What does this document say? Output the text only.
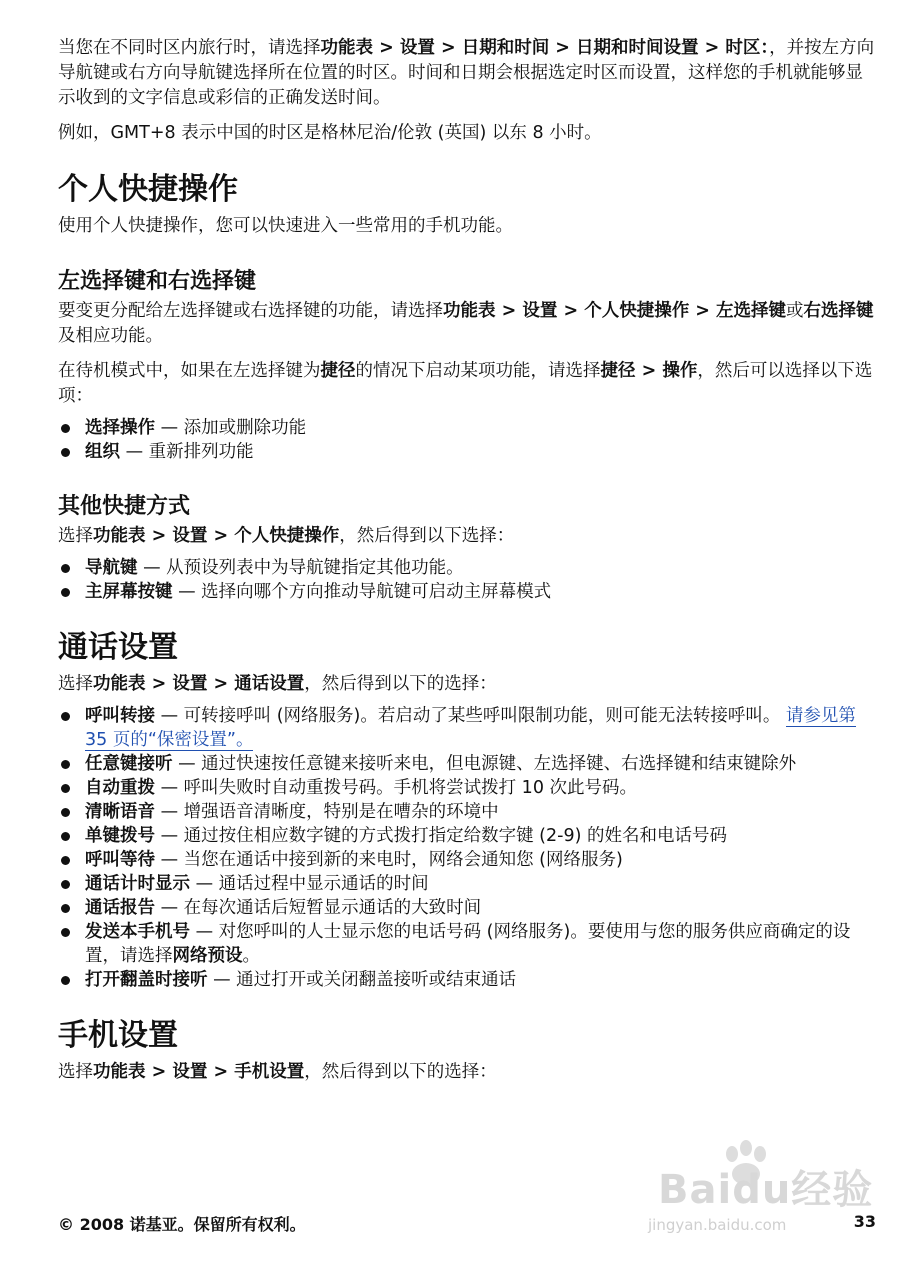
当您在不同时区内旅行时，请选择功能表 > 设置 > 日期和时间 > 日期和时间设置 > 时区：，并按左方向导航键或右方向导航键选择所在位置的时区。时间和日期会根据选定时区而设置，这样您的手机就能够显示收到的文字信息或彩信的正确发送时间。

例如，GMT+8 表示中国的时区是格林尼治/伦敦 (英国) 以东 8 小时。

个人快捷操作

使用个人快捷操作，您可以快速进入一些常用的手机功能。

左选择键和右选择键

要变更分配给左选择键或右选择键的功能，请选择功能表 > 设置 > 个人快捷操作 > 左选择键或右选择键及相应功能。

在待机模式中，如果在左选择键为捷径的情况下启动某项功能，请选择捷径 > 操作，然后可以选择以下选项：

选择操作 — 添加或删除功能
组织 — 重新排列功能
其他快捷方式

选择功能表 > 设置 > 个人快捷操作，然后得到以下选择：

导航键 — 从预设列表中为导航键指定其他功能。
主屏幕按键 — 选择向哪个方向推动导航键可启动主屏幕模式
通话设置

选择功能表 > 设置 > 通话设置，然后得到以下的选择：

呼叫转接 — 可转接呼叫 (网络服务)。若启动了某些呼叫限制功能，则可能无法转接呼叫。 请参见第 35 页的“保密设置”。
任意键接听 — 通过快速按任意键来接听来电，但电源键、左选择键、右选择键和结束键除外
自动重拨 — 呼叫失败时自动重拨号码。手机将尝试拨打 10 次此号码。
清晰语音 — 增强语音清晰度，特别是在嘈杂的环境中
单键拨号 — 通过按住相应数字键的方式拨打指定给数字键 (2-9) 的姓名和电话号码
呼叫等待 — 当您在通话中接到新的来电时，网络会通知您 (网络服务)
通话计时显示 — 通话过程中显示通话的时间
通话报告 — 在每次通话后短暂显示通话的大致时间
发送本手机号 — 对您呼叫的人士显示您的电话号码 (网络服务)。要使用与您的服务供应商确定的设置，请选择网络预设。
打开翻盖时接听 — 通过打开或关闭翻盖接听或结束通话
手机设置

选择功能表 > 设置 > 手机设置，然后得到以下的选择：

Baidu经验
jingyan.baidu.com
© 2008 诺基亚。保留所有权利。	33
